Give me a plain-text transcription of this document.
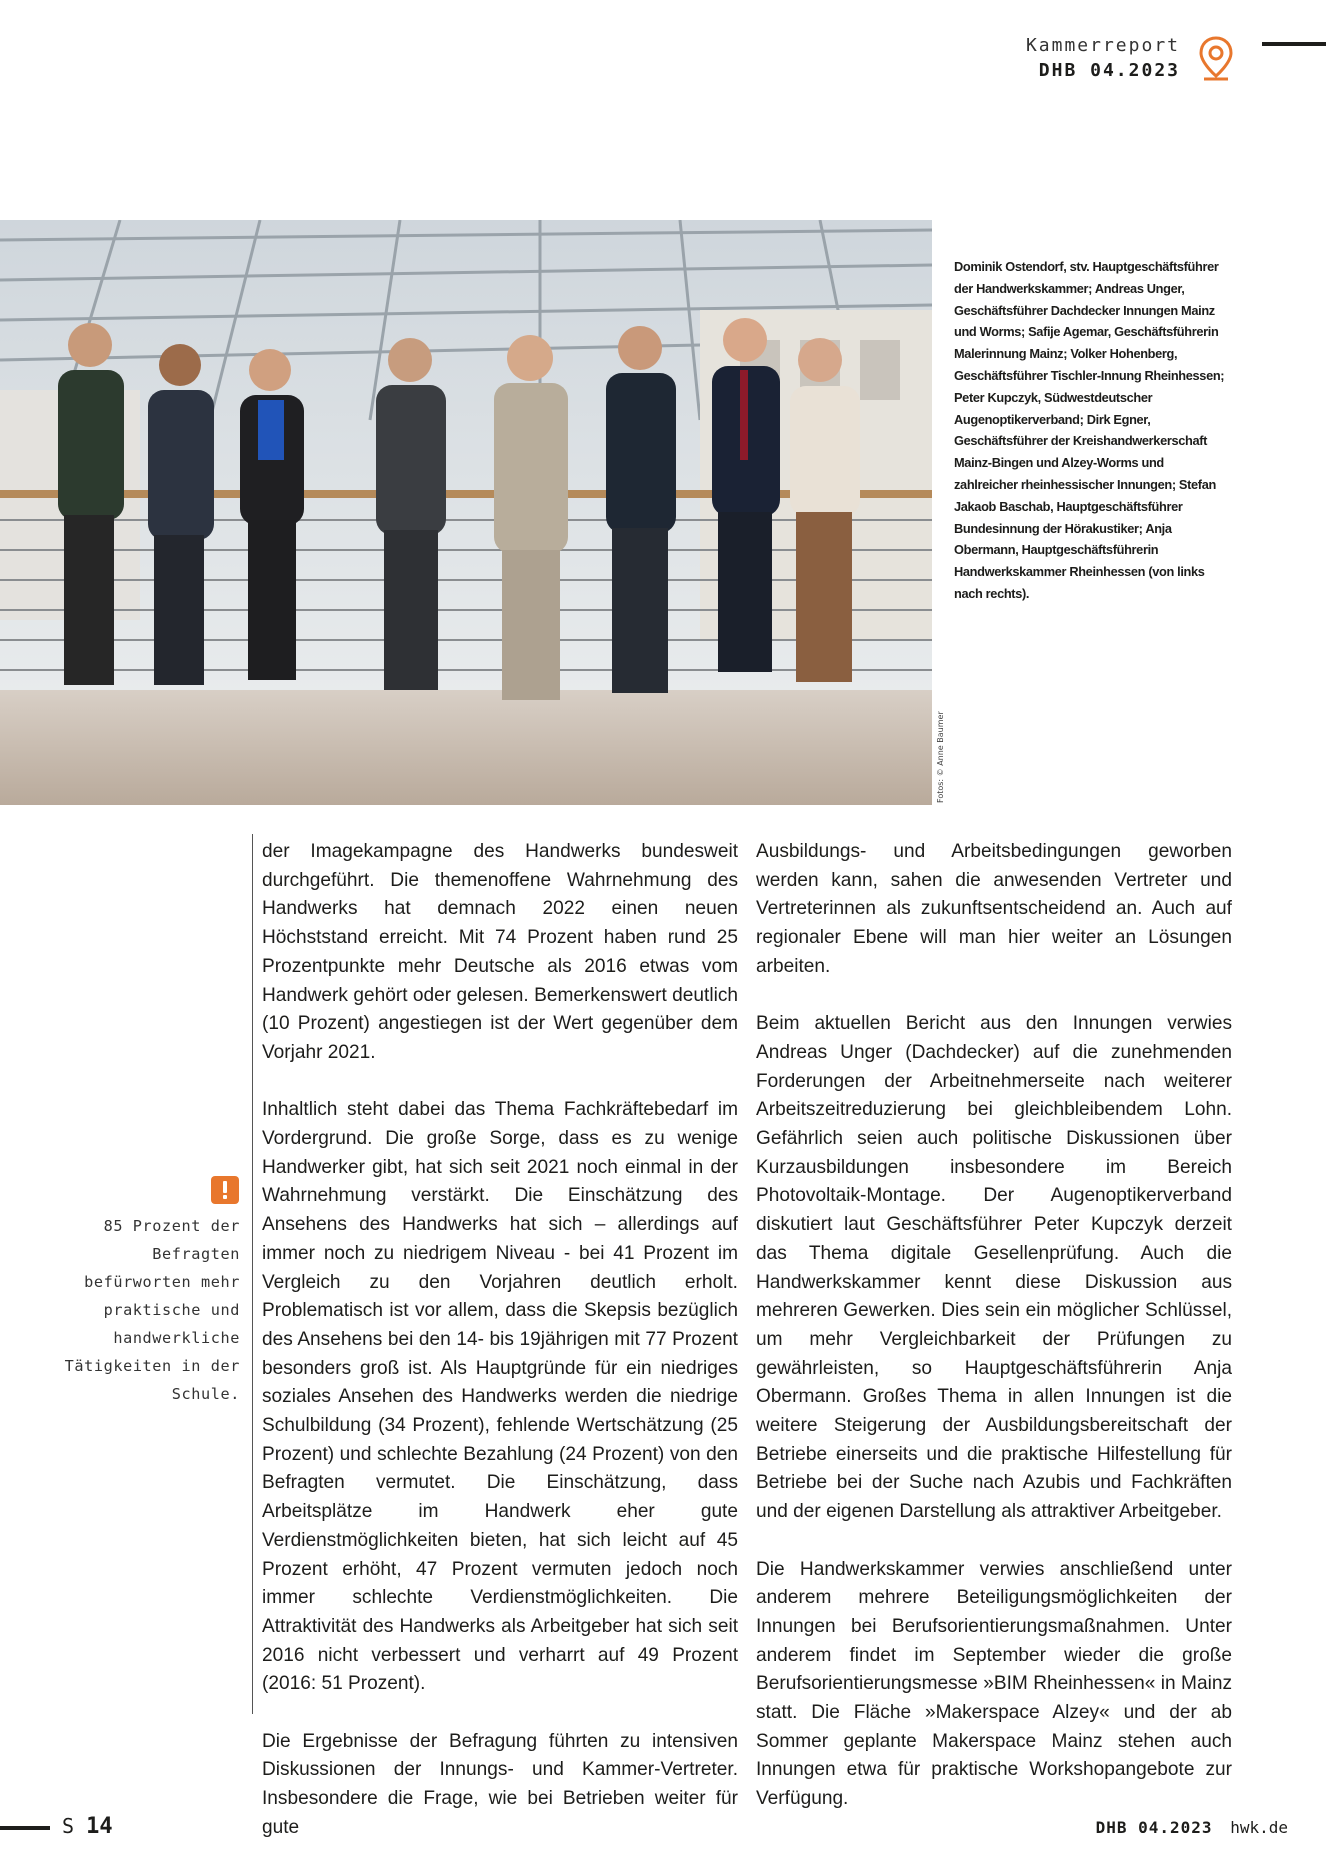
Kammerreport
DHB 04.2023
Fotos: © Anne Baumer
Dominik Ostendorf, stv. Hauptgeschäftsführer der Handwerkskammer; Andreas Unger, Geschäftsführer Dachdecker Innungen Mainz und Worms; Safije Agemar, Geschäftsführerin Malerinnung Mainz; Volker Hohenberg, Geschäftsführer Tischler-Innung Rheinhessen; Peter Kupczyk, Südwestdeutscher Augenoptikerverband; Dirk Egner, Geschäftsführer der Kreishandwerkerschaft Mainz-Bingen und Alzey-Worms und zahlreicher rheinhessischer Innungen; Stefan Jakaob Baschab, Hauptgeschäftsführer Bundesinnung der Hörakustiker; Anja Obermann, Hauptgeschäftsführerin Handwerkskammer Rheinhessen (von links nach rechts).
85 Prozent der Befragten befürworten mehr praktische und handwerkliche Tätigkeiten in der Schule.

der Imagekampagne des Handwerks bundesweit durchgeführt. Die themenoffene Wahrnehmung des Handwerks hat demnach 2022 einen neuen Höchststand erreicht. Mit 74 Prozent haben rund 25 Prozentpunkte mehr Deutsche als 2016 etwas vom Handwerk gehört oder gelesen. Bemerkenswert deutlich (10 Prozent) angestiegen ist der Wert gegenüber dem Vorjahr 2021.

Inhaltlich steht dabei das Thema Fachkräftebedarf im Vordergrund. Die große Sorge, dass es zu wenige Handwerker gibt, hat sich seit 2021 noch einmal in der Wahrnehmung verstärkt. Die Einschätzung des Ansehens des Handwerks hat sich – allerdings auf immer noch zu niedrigem Niveau - bei 41 Prozent im Vergleich zu den Vorjahren deutlich erholt. Problematisch ist vor allem, dass die Skepsis bezüglich des Ansehens bei den 14- bis 19jährigen mit 77 Prozent besonders groß ist. Als Hauptgründe für ein niedriges soziales Ansehen des Handwerks werden die niedrige Schulbildung (34 Prozent), fehlende Wertschätzung (25 Prozent) und schlechte Bezahlung (24 Prozent) von den Befragten vermutet. Die Einschätzung, dass Arbeitsplätze im Handwerk eher gute Verdienstmöglichkeiten bieten, hat sich leicht auf 45 Prozent erhöht, 47 Prozent vermuten jedoch noch immer schlechte Verdienstmöglichkeiten. Die Attraktivität des Handwerks als Arbeitgeber hat sich seit 2016 nicht verbessert und verharrt auf 49 Prozent (2016: 51 Prozent).

Die Ergebnisse der Befragung führten zu intensiven Diskussionen der Innungs- und Kammer-Vertreter. Insbesondere die Frage, wie bei Betrieben weiter für gute

Ausbildungs- und Arbeitsbedingungen geworben werden kann, sahen die anwesenden Vertreter und Vertreterinnen als zukunftsentscheidend an. Auch auf regionaler Ebene will man hier weiter an Lösungen arbeiten.

Beim aktuellen Bericht aus den Innungen verwies Andreas Unger (Dachdecker) auf die zunehmenden Forderungen der Arbeitnehmerseite nach weiterer Arbeitszeitreduzierung bei gleichbleibendem Lohn. Gefährlich seien auch politische Diskussionen über Kurzausbildungen insbesondere im Bereich Photovoltaik-Montage. Der Augenoptikerverband diskutiert laut Geschäftsführer Peter Kupczyk derzeit das Thema digitale Gesellenprüfung. Auch die Handwerkskammer kennt diese Diskussion aus mehreren Gewerken. Dies sein ein möglicher Schlüssel, um mehr Vergleichbarkeit der Prüfungen zu gewährleisten, so Hauptgeschäftsführerin Anja Obermann. Großes Thema in allen Innungen ist die weitere Steigerung der Ausbildungsbereitschaft der Betriebe einerseits und die praktische Hilfestellung für Betriebe bei der Suche nach Azubis und Fachkräften und der eigenen Darstellung als attraktiver Arbeitgeber.

Die Handwerkskammer verwies anschließend unter anderem mehrere Beteiligungsmöglichkeiten der Innungen bei Berufsorientierungsmaßnahmen. Unter anderem findet im September wieder die große Berufsorientierungsmesse »BIM Rheinhessen« in Mainz statt. Die Fläche »Makerspace Alzey« und der ab Sommer geplante Makerspace Mainz stehen auch Innungen etwa für praktische Workshopangebote zur Verfügung.

S 14	DHB 04.2023 hwk.de
